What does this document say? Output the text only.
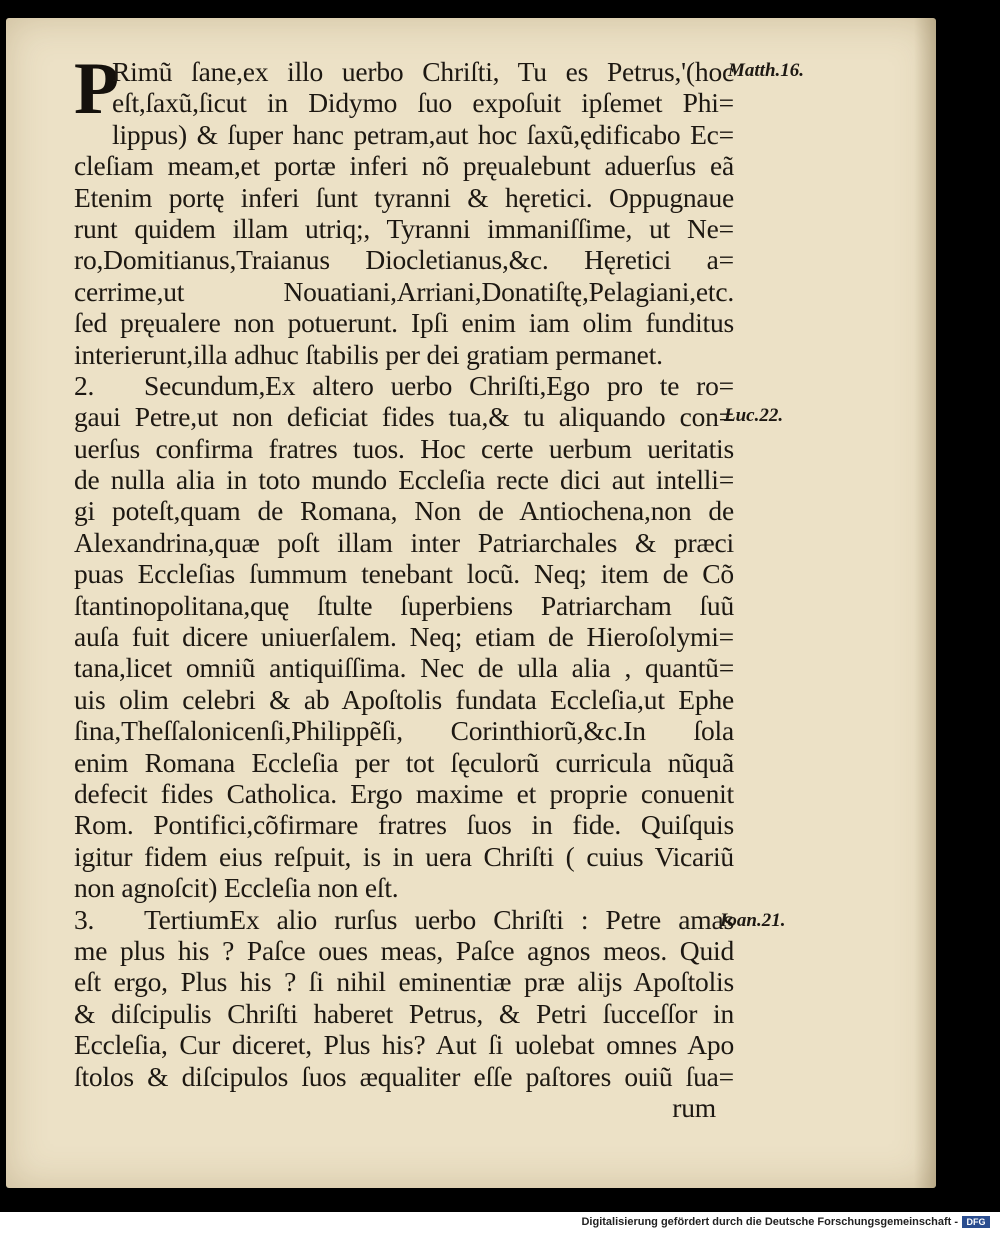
P
Rimũ ſane,ex illo uerbo Chriſti, Tu es Petrus,'(hoc
eſt,ſaxũ,ſicut in Didymo ſuo expoſuit ipſemet Phi=
lippus) & ſuper hanc petram,aut hoc ſaxũ,ędificabo Ec=
cleſiam meam,et portæ inferi nõ pręualebunt aduerſus eã
Etenim portę inferi ſunt tyranni & hęretici. Oppugnaue
runt quidem illam utriq;, Tyranni immaniſſime, ut Ne=
ro,Domitianus,Traianus Diocletianus,&c. Hęretici a=
cerrime,ut Nouatiani,Arriani,Donatiſtę,Pelagiani,etc.
ſed pręualere non potuerunt. Ipſi enim iam olim funditus
interierunt,illa adhuc ſtabilis per dei gratiam permanet.
2. Secundum,Ex altero uerbo Chriſti,Ego pro te ro=
gaui Petre,ut non deficiat fides tua,& tu aliquando con=
uerſus confirma fratres tuos. Hoc certe uerbum ueritatis
de nulla alia in toto mundo Eccleſia recte dici aut intelli=
gi poteſt,quam de Romana, Non de Antiochena,non de
Alexandrina,quæ poſt illam inter Patriarchales & præci
puas Eccleſias ſummum tenebant locũ. Neq; item de Cõ
ſtantinopolitana,quę ſtulte ſuperbiens Patriarcham ſuũ
auſa fuit dicere uniuerſalem. Neq; etiam de Hieroſolymi=
tana,licet omniũ antiquiſſima. Nec de ulla alia , quantũ=
uis olim celebri & ab Apoſtolis fundata Eccleſia,ut Ephe
ſina,Theſſalonicenſi,Philippẽſi, Corinthiorũ,&c.In ſola
enim Romana Eccleſia per tot ſęculorũ curricula nũquã
defecit fides Catholica. Ergo maxime et proprie conuenit
Rom. Pontifici,cõfirmare fratres ſuos in fide. Quiſquis
igitur fidem eius reſpuit, is in uera Chriſti ( cuius Vicariũ
non agnoſcit) Eccleſia non eſt.
3. TertiumEx alio rurſus uerbo Chriſti : Petre amas
me plus his ? Paſce oues meas, Paſce agnos meos. Quid
eſt ergo, Plus his ? ſi nihil eminentiæ præ alijs Apoſtolis
& diſcipulis Chriſti haberet Petrus, & Petri ſucceſſor in
Eccleſia, Cur diceret, Plus his? Aut ſi uolebat omnes Apo
ſtolos & diſcipulos ſuos æqualiter eſſe paſtores ouiũ ſua=
rum
Matth.16.
Luc.22.
Ioan.21.
Digitalisierung gefördert durch die Deutsche Forschungsgemeinschaft - DFG
